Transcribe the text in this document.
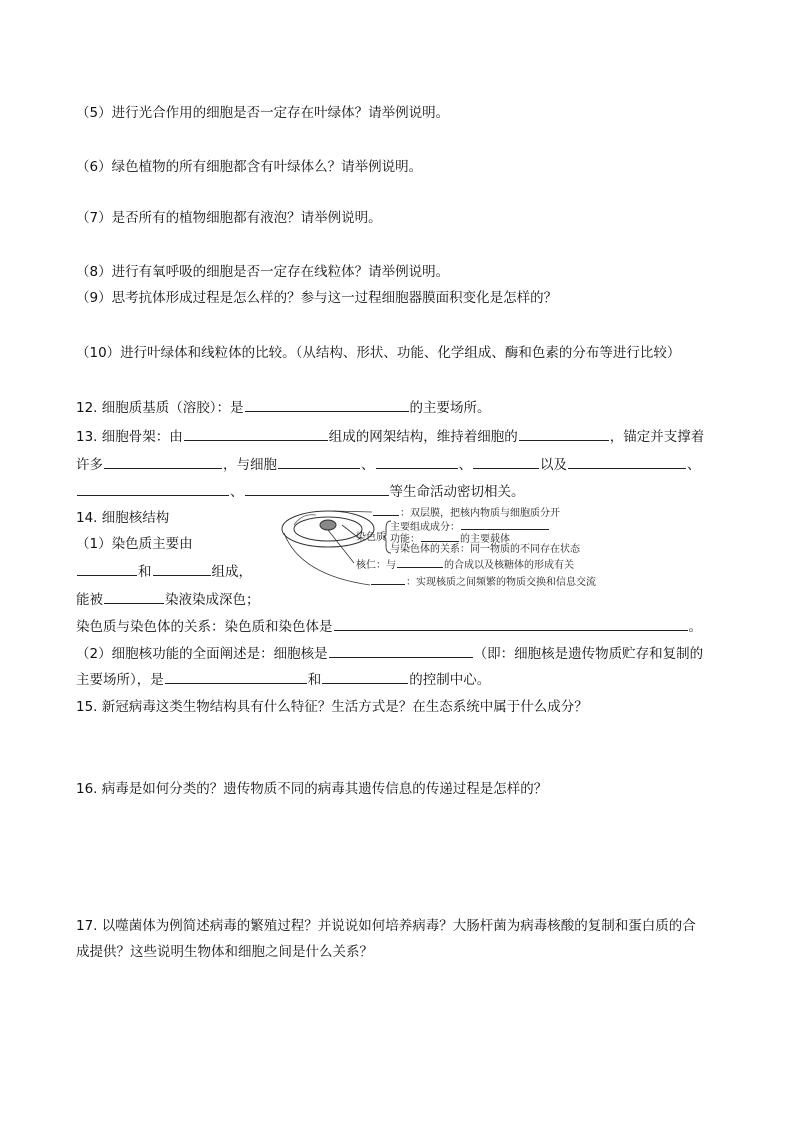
（5）进行光合作用的细胞是否一定存在叶绿体？请举例说明。
（6）绿色植物的所有细胞都含有叶绿体么？请举例说明。
（7）是否所有的植物细胞都有液泡？请举例说明。
（8）进行有氧呼吸的细胞是否一定存在线粒体？请举例说明。
（9）思考抗体形成过程是怎么样的？参与这一过程细胞器膜面积变化是怎样的？
（10）进行叶绿体和线粒体的比较。（从结构、形状、功能、化学组成、酶和色素的分布等进行比较）
12. 细胞质基质（溶胶）：是	的主要场所。
13. 细胞骨架：由	组成的网架结构，维持着细胞的	，锚定并支撑着
许多	，与细胞	、	、	以及	、
、	等生命活动密切相关。
14. 细胞核结构
（1）染色质主要由
和	组成，
能被	染液染成深色；
染色质与染色体的关系：染色质和染色体是	。
（2）细胞核功能的全面阐述是：细胞核是	（即：细胞核是遗传物质贮存和复制的
主要场所），是	和	的控制中心。
：双层膜，把核内物质与细胞质分开
主要组成成分：
染色质 功能：	的主要载体
与染色体的关系：同一物质的不同存在状态
核仁：与	的合成以及核糖体的形成有关
：实现核质之间频繁的物质交换和信息交流
15. 新冠病毒这类生物结构具有什么特征？生活方式是？在生态系统中属于什么成分？
16. 病毒是如何分类的？遗传物质不同的病毒其遗传信息的传递过程是怎样的？
17. 以噬菌体为例简述病毒的繁殖过程？并说说如何培养病毒？大肠杆菌为病毒核酸的复制和蛋白质的合
成提供？这些说明生物体和细胞之间是什么关系？
